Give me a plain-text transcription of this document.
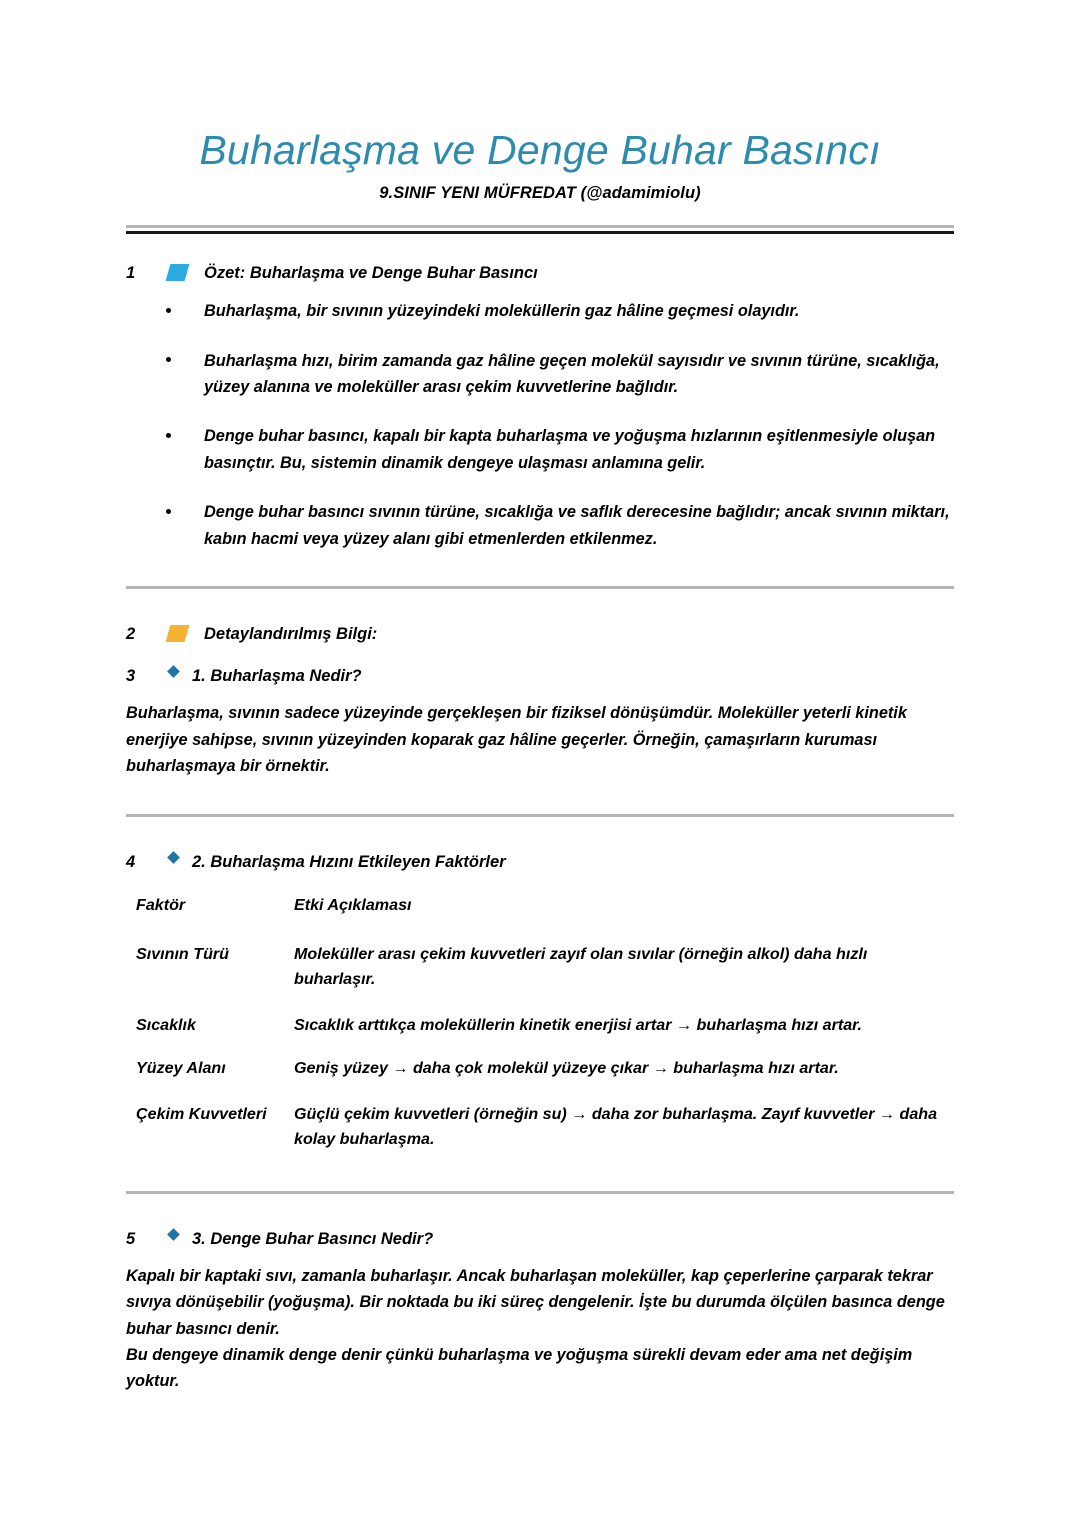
Buharlaşma ve Denge Buhar Basıncı
9.SINIF YENI MÜFREDAT (@adamimiolu)
1	Özet: Buharlaşma ve Denge Buhar Basıncı
Buharlaşma, bir sıvının yüzeyindeki moleküllerin gaz hâline geçmesi olayıdır.
Buharlaşma hızı, birim zamanda gaz hâline geçen molekül sayısıdır ve sıvının türüne, sıcaklığa, yüzey alanına ve moleküller arası çekim kuvvetlerine bağlıdır.
Denge buhar basıncı, kapalı bir kapta buharlaşma ve yoğuşma hızlarının eşitlenmesiyle oluşan basınçtır. Bu, sistemin dinamik dengeye ulaşması anlamına gelir.
Denge buhar basıncı sıvının türüne, sıcaklığa ve saflık derecesine bağlıdır; ancak sıvının miktarı, kabın hacmi veya yüzey alanı gibi etmenlerden etkilenmez.
2	Detaylandırılmış Bilgi:
3	1. Buharlaşma Nedir?

Buharlaşma, sıvının sadece yüzeyinde gerçekleşen bir fiziksel dönüşümdür. Moleküller yeterli kinetik enerjiye sahipse, sıvının yüzeyinden koparak gaz hâline geçerler. Örneğin, çamaşırların kuruması buharlaşmaya bir örnektir.

4	2. Buharlaşma Hızını Etkileyen Faktörler
Faktör	Etki Açıklaması
Sıvının Türü	Moleküller arası çekim kuvvetleri zayıf olan sıvılar (örneğin alkol) daha hızlı buharlaşır.
Sıcaklık	Sıcaklık arttıkça moleküllerin kinetik enerjisi artar → buharlaşma hızı artar.
Yüzey Alanı	Geniş yüzey → daha çok molekül yüzeye çıkar → buharlaşma hızı artar.
Çekim Kuvvetleri	Güçlü çekim kuvvetleri (örneğin su) → daha zor buharlaşma. Zayıf kuvvetler → daha kolay buharlaşma.
5	3. Denge Buhar Basıncı Nedir?

Kapalı bir kaptaki sıvı, zamanla buharlaşır. Ancak buharlaşan moleküller, kap çeperlerine çarparak tekrar sıvıya dönüşebilir (yoğuşma). Bir noktada bu iki süreç dengelenir. İşte bu durumda ölçülen basınca denge buhar basıncı denir.

Bu dengeye dinamik denge denir çünkü buharlaşma ve yoğuşma sürekli devam eder ama net değişim yoktur.
